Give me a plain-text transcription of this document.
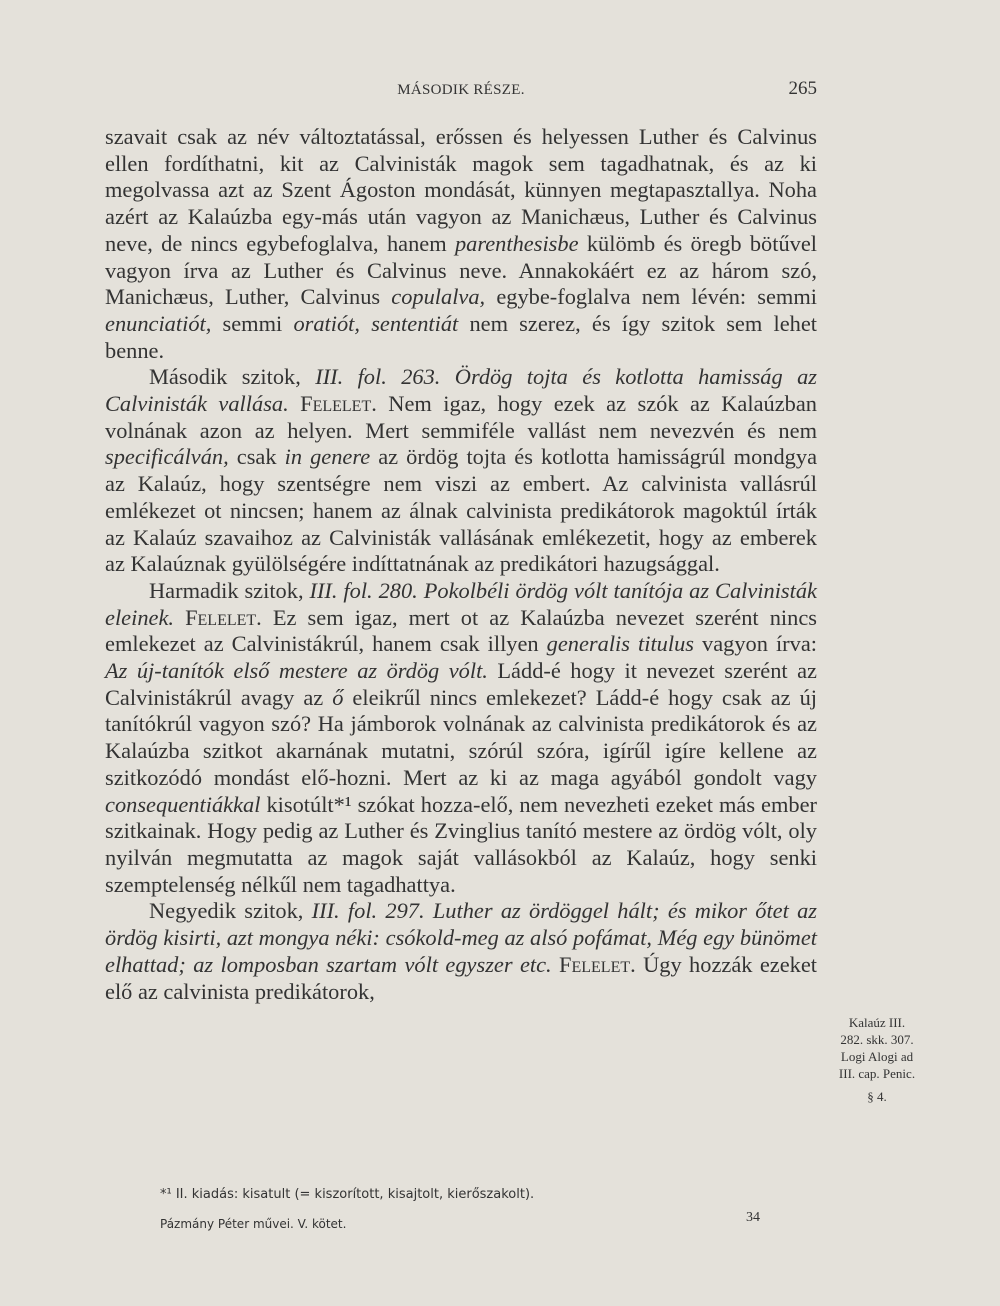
MÁSODIK RÉSZE.	265

szavait csak az név változtatással, erőssen és helyessen Luther és Calvinus ellen fordíthatni, kit az Calvinisták magok sem tagadhatnak, és az ki megolvassa azt az Szent Ágoston mondását, künnyen megtapasztallya. Noha azért az Kalaúzba egy-más után vagyon az Manichæus, Luther és Calvinus neve, de nincs egybefoglalva, hanem parenthesisbe külömb és öregb bötűvel vagyon írva az Luther és Calvinus neve. Annakokáért ez az három szó, Manichæus, Luther, Calvinus copulalva, egybe-foglalva nem lévén: semmi enunciatiót, semmi oratiót, sententiát nem szerez, és így szitok sem lehet benne.

Második szitok, III. fol. 263. Ördög tojta és kotlotta hamisság az Calvinisták vallása. Felelet. Nem igaz, hogy ezek az szók az Kalaúzban volnának azon az helyen. Mert semmiféle vallást nem nevezvén és nem specificálván, csak in genere az ördög tojta és kotlotta hamisságrúl mondgya az Kalaúz, hogy szentségre nem viszi az embert. Az calvinista vallásrúl emlékezet ot nincsen; hanem az álnak calvinista predikátorok magoktúl írták az Kalaúz szavaihoz az Calvinisták vallásának emlékezetit, hogy az emberek az Kalaúznak gyülölségére indíttatnának az predikátori hazugsággal.

Harmadik szitok, III. fol. 280. Pokolbéli ördög vólt tanítója az Calvinisták eleinek. Felelet. Ez sem igaz, mert ot az Kalaúzba nevezet szerént nincs emlekezet az Calvinistákrúl, hanem csak illyen generalis titulus vagyon írva: Az új-tanítók első mestere az ördög vólt. Ládd-é hogy it nevezet szerént az Calvinistákrúl avagy az ő eleikrűl nincs emlekezet? Ládd-é hogy csak az új tanítókrúl vagyon szó? Ha jámborok volnának az calvinista predikátorok és az Kalaúzba szitkot akarnának mutatni, szórúl szóra, igírűl igíre kellene az szitkozódó mondást elő-hozni. Mert az ki az maga agyából gondolt vagy consequentiákkal kisotúlt*¹ szókat hozza-elő, nem nevezheti ezeket más ember szitkainak. Hogy pedig az Luther és Zvinglius tanító mestere az ördög vólt, oly nyilván megmutatta az magok saját vallásokból az Kalaúz, hogy senki szemptelenség nélkűl nem tagadhattya.

Negyedik szitok, III. fol. 297. Luther az ördöggel hált; és mikor őtet az ördög kisirti, azt mongya néki: csókold-meg az alsó pofámat, Még egy bünömet elhattad; az lomposban szartam vólt egyszer etc. Felelet. Úgy hozzák ezeket elő az calvinista predikátorok,

Kalaúz III.
282. skk. 307.
Logi Alogi ad
III. cap. Penic.
§ 4.
*¹ II. kiadás: kisatult (= kiszorított, kisajtolt, kierőszakolt).
Pázmány Péter művei. V. kötet.	34
